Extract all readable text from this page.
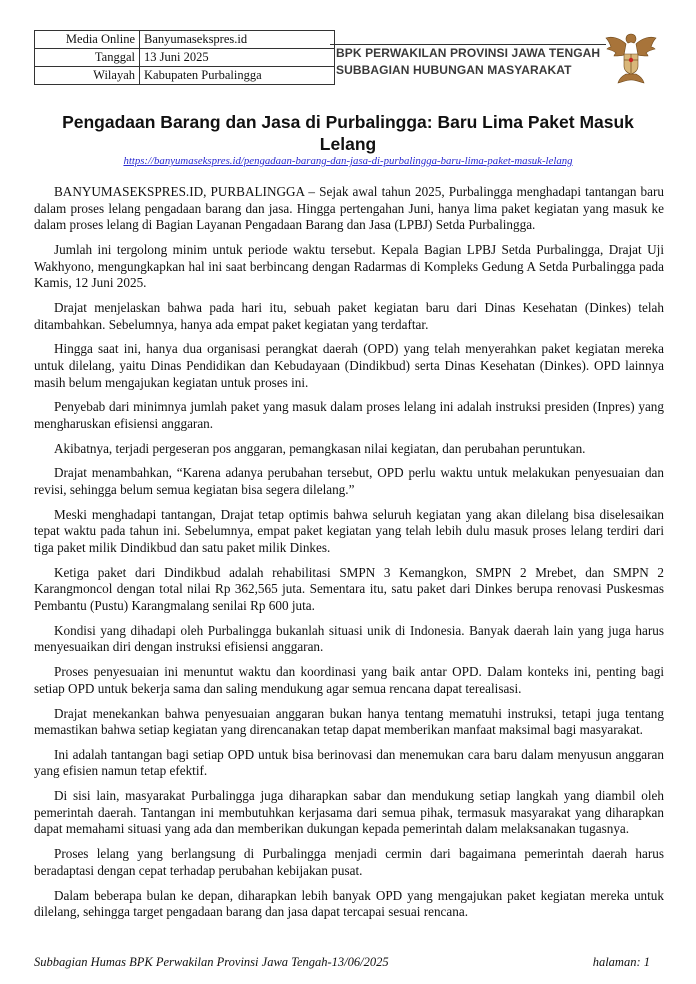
Media Online	Banyumasekspres.id
Tanggal	13 Juni 2025
Wilayah	Kabupaten Purbalingga
BPK PERWAKILAN PROVINSI JAWA TENGAH
SUBBAGIAN HUBUNGAN MASYARAKAT
Pengadaan Barang dan Jasa di Purbalingga: Baru Lima Paket Masuk Lelang
https://banyumasekspres.id/pengadaan-barang-dan-jasa-di-purbalingga-baru-lima-paket-masuk-lelang

BANYUMASEKSPRES.ID, PURBALINGGA – Sejak awal tahun 2025, Purbalingga menghadapi tantangan baru dalam proses lelang pengadaan barang dan jasa. Hingga pertengahan Juni, hanya lima paket kegiatan yang masuk ke dalam proses lelang di Bagian Layanan Pengadaan Barang dan Jasa (LPBJ) Setda Purbalingga.

Jumlah ini tergolong minim untuk periode waktu tersebut. Kepala Bagian LPBJ Setda Purbalingga, Drajat Uji Wakhyono, mengungkapkan hal ini saat berbincang dengan Radarmas di Kompleks Gedung A Setda Purbalingga pada Kamis, 12 Juni 2025.

Drajat menjelaskan bahwa pada hari itu, sebuah paket kegiatan baru dari Dinas Kesehatan (Dinkes) telah ditambahkan. Sebelumnya, hanya ada empat paket kegiatan yang terdaftar.

Hingga saat ini, hanya dua organisasi perangkat daerah (OPD) yang telah menyerahkan paket kegiatan mereka untuk dilelang, yaitu Dinas Pendidikan dan Kebudayaan (Dindikbud) serta Dinas Kesehatan (Dinkes). OPD lainnya masih belum mengajukan kegiatan untuk proses ini.

Penyebab dari minimnya jumlah paket yang masuk dalam proses lelang ini adalah instruksi presiden (Inpres) yang mengharuskan efisiensi anggaran.

Akibatnya, terjadi pergeseran pos anggaran, pemangkasan nilai kegiatan, dan perubahan peruntukan.

Drajat menambahkan, “Karena adanya perubahan tersebut, OPD perlu waktu untuk melakukan penyesuaian dan revisi, sehingga belum semua kegiatan bisa segera dilelang.”

Meski menghadapi tantangan, Drajat tetap optimis bahwa seluruh kegiatan yang akan dilelang bisa diselesaikan tepat waktu pada tahun ini. Sebelumnya, empat paket kegiatan yang telah lebih dulu masuk proses lelang terdiri dari tiga paket milik Dindikbud dan satu paket milik Dinkes.

Ketiga paket dari Dindikbud adalah rehabilitasi SMPN 3 Kemangkon, SMPN 2 Mrebet, dan SMPN 2 Karangmoncol dengan total nilai Rp 362,565 juta. Sementara itu, satu paket dari Dinkes berupa renovasi Puskesmas Pembantu (Pustu) Karangmalang senilai Rp 600 juta.

Kondisi yang dihadapi oleh Purbalingga bukanlah situasi unik di Indonesia. Banyak daerah lain yang juga harus menyesuaikan diri dengan instruksi efisiensi anggaran.

Proses penyesuaian ini menuntut waktu dan koordinasi yang baik antar OPD. Dalam konteks ini, penting bagi setiap OPD untuk bekerja sama dan saling mendukung agar semua rencana dapat terealisasi.

Drajat menekankan bahwa penyesuaian anggaran bukan hanya tentang mematuhi instruksi, tetapi juga tentang memastikan bahwa setiap kegiatan yang direncanakan tetap dapat memberikan manfaat maksimal bagi masyarakat.

Ini adalah tantangan bagi setiap OPD untuk bisa berinovasi dan menemukan cara baru dalam menyusun anggaran yang efisien namun tetap efektif.

Di sisi lain, masyarakat Purbalingga juga diharapkan sabar dan mendukung setiap langkah yang diambil oleh pemerintah daerah. Tantangan ini membutuhkan kerjasama dari semua pihak, termasuk masyarakat yang diharapkan dapat memahami situasi yang ada dan memberikan dukungan kepada pemerintah dalam melaksanakan tugasnya.

Proses lelang yang berlangsung di Purbalingga menjadi cermin dari bagaimana pemerintah daerah harus beradaptasi dengan cepat terhadap perubahan kebijakan pusat.

Dalam beberapa bulan ke depan, diharapkan lebih banyak OPD yang mengajukan paket kegiatan mereka untuk dilelang, sehingga target pengadaan barang dan jasa dapat tercapai sesuai rencana.

Subbagian Humas BPK Perwakilan Provinsi Jawa Tengah-13/06/2025	halaman: 1
